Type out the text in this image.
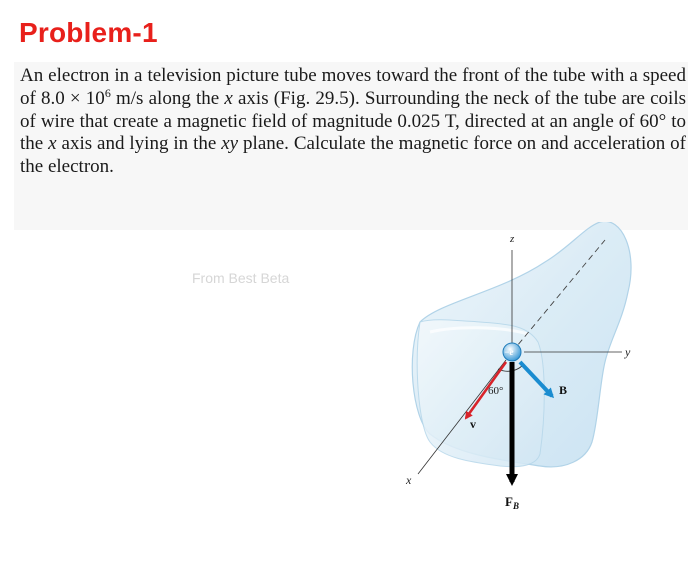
Problem-1

An electron in a television picture tube moves toward the front of the tube with a speed of $8.0 \times 10^6$ m/s along the x axis (Fig. 29.5). Surrounding the neck of the tube are coils of wire that create a magnetic field of magnitude 0.025 T, directed at an angle of 60° to the x axis and lying in the xy plane. Calculate the magnetic force on and acceleration of the electron.

From Best Beta
z
y
x
−e
60°	B
v
$F_B$
